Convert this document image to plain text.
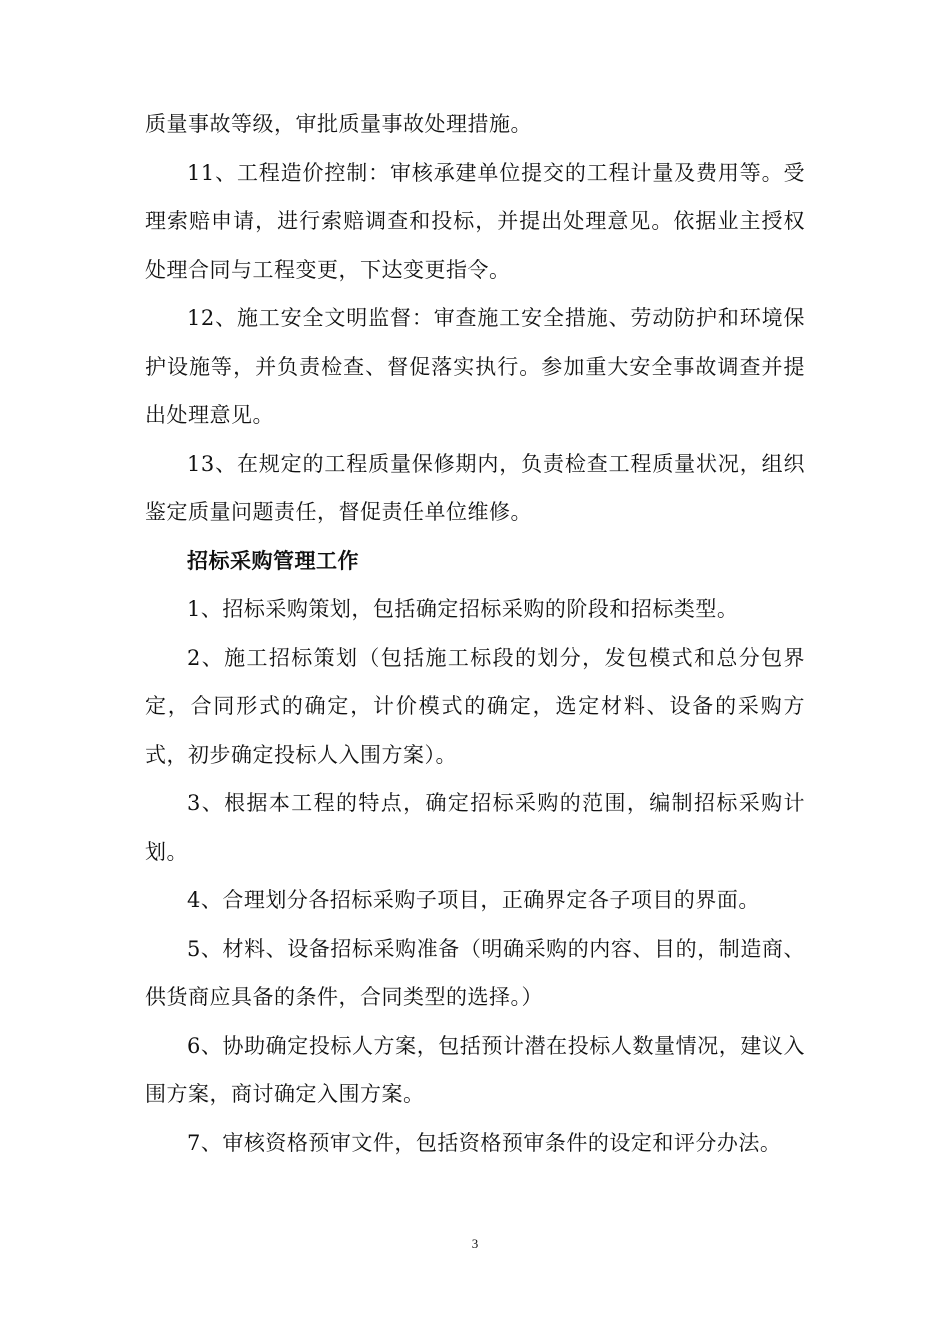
质量事故等级，审批质量事故处理措施。

11、工程造价控制：审核承建单位提交的工程计量及费用等。受理索赔申请，进行索赔调查和投标，并提出处理意见。依据业主授权处理合同与工程变更，下达变更指令。

12、施工安全文明监督：审查施工安全措施、劳动防护和环境保护设施等，并负责检查、督促落实执行。参加重大安全事故调查并提出处理意见。

13、在规定的工程质量保修期内，负责检查工程质量状况，组织鉴定质量问题责任，督促责任单位维修。

招标采购管理工作

1、招标采购策划，包括确定招标采购的阶段和招标类型。

2、施工招标策划（包括施工标段的划分，发包模式和总分包界定，合同形式的确定，计价模式的确定，选定材料、设备的采购方式，初步确定投标人入围方案）。

3、根据本工程的特点，确定招标采购的范围，编制招标采购计划。

4、合理划分各招标采购子项目，正确界定各子项目的界面。

5、材料、设备招标采购准备（明确采购的内容、目的，制造商、供货商应具备的条件，合同类型的选择。）

6、协助确定投标人方案，包括预计潜在投标人数量情况，建议入围方案，商讨确定入围方案。

7、审核资格预审文件，包括资格预审条件的设定和评分办法。

3
